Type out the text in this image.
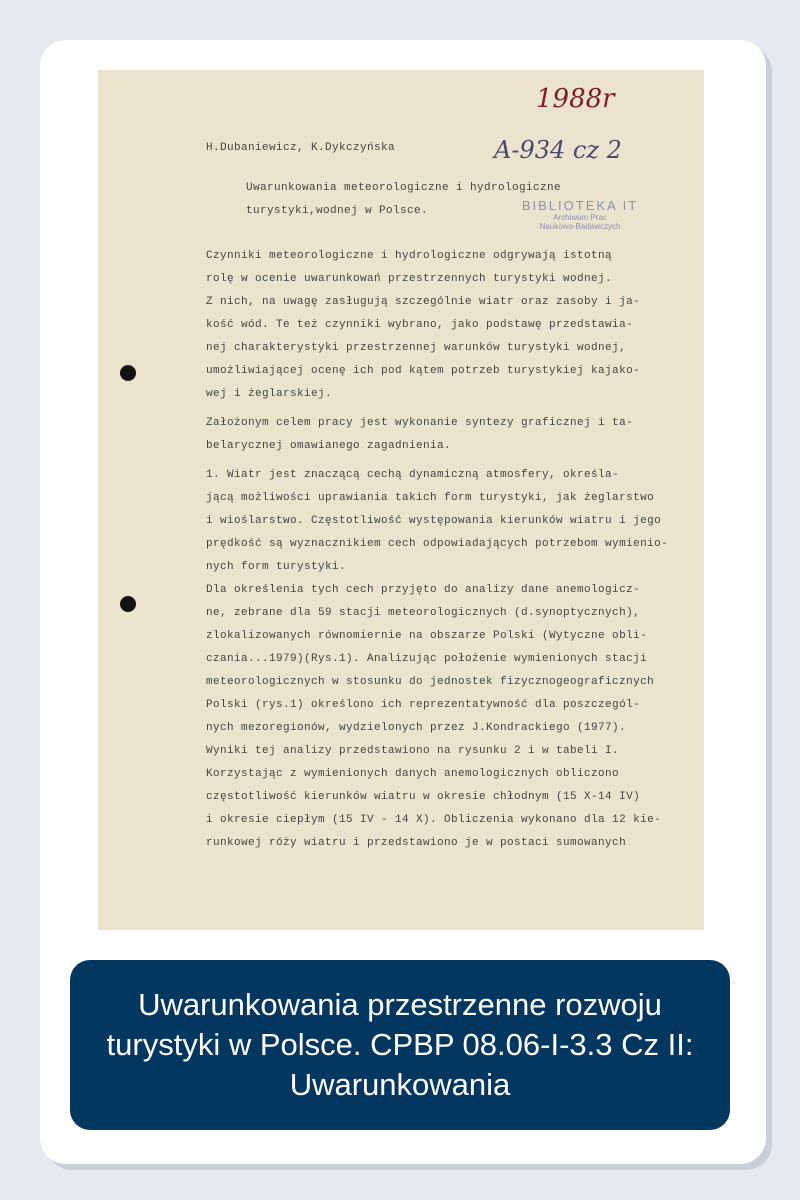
1988r
A-934 cz 2
H.Dubaniewicz, K.Dykczyńska
Uwarunkowania meteorologiczne i hydrologiczne
turystyki,wodnej w Polsce.	BIBLIOTEKA IT
Archiwum Prac
Naukowo-Badawczych

Czynniki meteorologiczne i hydrologiczne odgrywają istotną
rolę w ocenie uwarunkowań przestrzennych turystyki wodnej.
Z nich, na uwagę zasługują szczególnie wiatr oraz zasoby i ja-
kość wód. Te też czynniki wybrano, jako podstawę przedstawia-
nej charakterystyki przestrzennej warunków turystyki wodnej,
umożliwiającej ocenę ich pod kątem potrzeb turystykiej kajako-
wej i żeglarskiej.

Założonym celem pracy jest wykonanie syntezy graficznej i ta-
belarycznej omawianego zagadnienia.

1. Wiatr jest znaczącą cechą dynamiczną atmosfery, określa-
jącą możliwości uprawiania takich form turystyki, jak żeglarstwo
i wioślarstwo. Częstotliwość występowania kierunków wiatru i jego
prędkość są wyznacznikiem cech odpowiadających potrzebom wymienio-
nych form turystyki.
Dla określenia tych cech przyjęto do analizy dane anemologicz-
ne, zebrane dla 59 stacji meteorologicznych (d.synoptycznych),
zlokalizowanych równomiernie na obszarze Polski (Wytyczne obli-
czania...1979)(Rys.1). Analizując położenie wymienionych stacji
meteorologicznych w stosunku do jednostek fizycznogeograficznych
Polski (rys.1) określono ich reprezentatywność dla poszczegól-
nych mezoregionów, wydzielonych przez J.Kondrackiego (1977).
Wyniki tej analizy przedstawiono na rysunku 2 i w tabeli I.
Korzystając z wymienionych danych anemologicznych obliczono
częstotliwość kierunków wiatru w okresie chłodnym (15 X-14 IV)
i okresie ciepłym (15 IV - 14 X). Obliczenia wykonano dla 12 kie-
runkowej róży wiatru i przedstawiono je w postaci sumowanych

Uwarunkowania przestrzenne rozwoju turystyki w Polsce. CPBP 08.06-I-3.3 Cz II: Uwarunkowania
